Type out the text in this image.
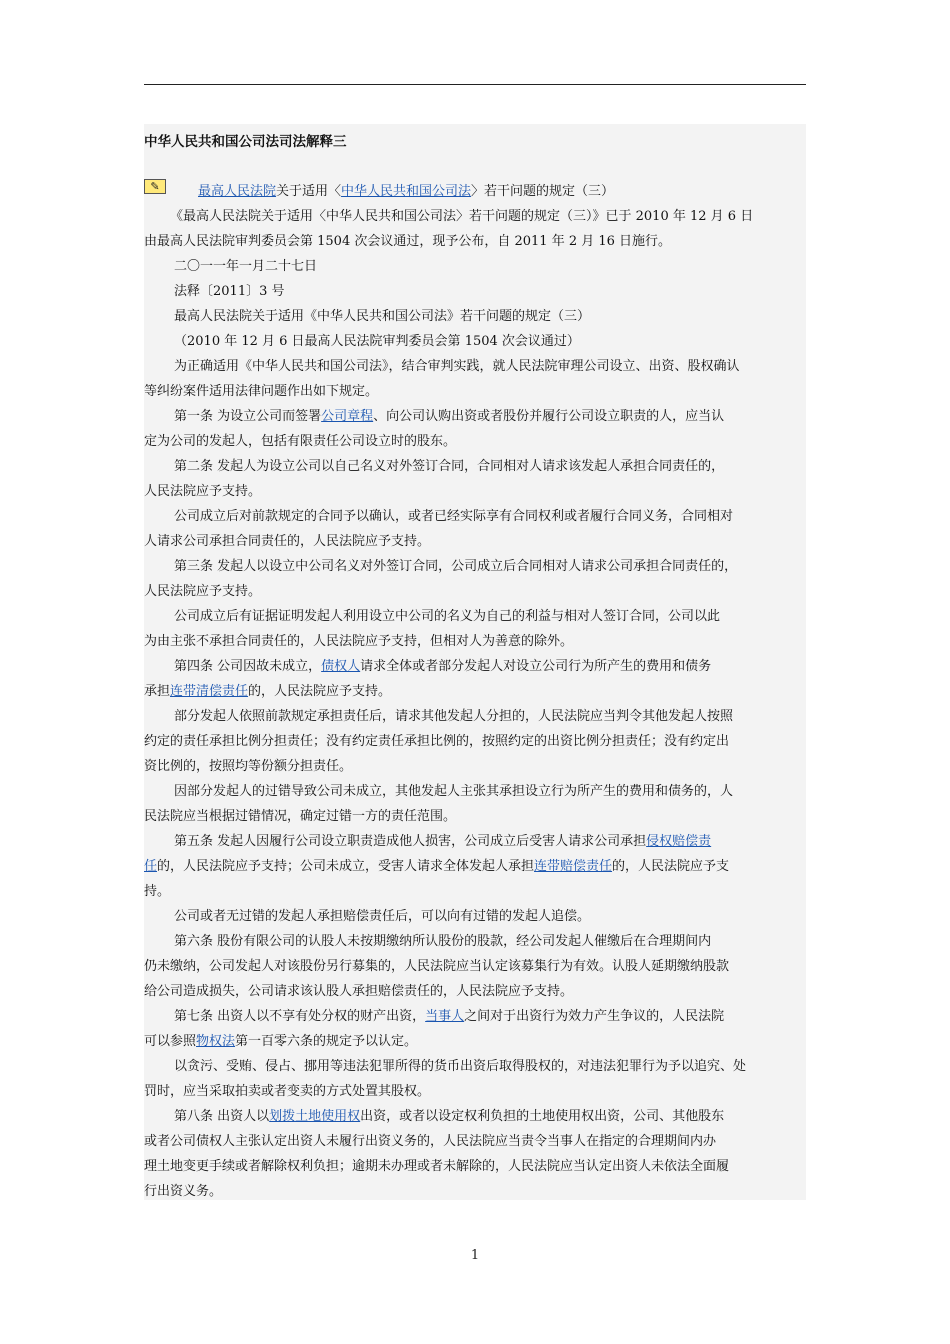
中华人民共和国公司法司法解释三
✎	最高人民法院关于适用〈中华人民共和国公司法〉若干问题的规定（三）
《最高人民法院关于适用〈中华人民共和国公司法〉若干问题的规定（三）》已于 2010 年 12 月 6 日
由最高人民法院审判委员会第 1504 次会议通过，现予公布，自 2011 年 2 月 16 日施行。
二〇一一年一月二十七日
法释〔2011〕3 号
最高人民法院关于适用《中华人民共和国公司法》若干问题的规定（三）
（2010 年 12 月 6 日最高人民法院审判委员会第 1504 次会议通过）
为正确适用《中华人民共和国公司法》，结合审判实践，就人民法院审理公司设立、出资、股权确认
等纠纷案件适用法律问题作出如下规定。
第一条 为设立公司而签署公司章程、向公司认购出资或者股份并履行公司设立职责的人，应当认
定为公司的发起人，包括有限责任公司设立时的股东。
第二条 发起人为设立公司以自己名义对外签订合同，合同相对人请求该发起人承担合同责任的，
人民法院应予支持。
公司成立后对前款规定的合同予以确认，或者已经实际享有合同权利或者履行合同义务，合同相对
人请求公司承担合同责任的，人民法院应予支持。
第三条 发起人以设立中公司名义对外签订合同，公司成立后合同相对人请求公司承担合同责任的，
人民法院应予支持。
公司成立后有证据证明发起人利用设立中公司的名义为自己的利益与相对人签订合同，公司以此
为由主张不承担合同责任的，人民法院应予支持，但相对人为善意的除外。
第四条 公司因故未成立，债权人请求全体或者部分发起人对设立公司行为所产生的费用和债务
承担连带清偿责任的，人民法院应予支持。
部分发起人依照前款规定承担责任后，请求其他发起人分担的，人民法院应当判令其他发起人按照
约定的责任承担比例分担责任；没有约定责任承担比例的，按照约定的出资比例分担责任；没有约定出
资比例的，按照均等份额分担责任。
因部分发起人的过错导致公司未成立，其他发起人主张其承担设立行为所产生的费用和债务的，人
民法院应当根据过错情况，确定过错一方的责任范围。
第五条 发起人因履行公司设立职责造成他人损害，公司成立后受害人请求公司承担侵权赔偿责
任的，人民法院应予支持；公司未成立，受害人请求全体发起人承担连带赔偿责任的，人民法院应予支
持。
公司或者无过错的发起人承担赔偿责任后，可以向有过错的发起人追偿。
第六条 股份有限公司的认股人未按期缴纳所认股份的股款，经公司发起人催缴后在合理期间内
仍未缴纳，公司发起人对该股份另行募集的，人民法院应当认定该募集行为有效。认股人延期缴纳股款
给公司造成损失，公司请求该认股人承担赔偿责任的，人民法院应予支持。
第七条 出资人以不享有处分权的财产出资，当事人之间对于出资行为效力产生争议的，人民法院
可以参照物权法第一百零六条的规定予以认定。
以贪污、受贿、侵占、挪用等违法犯罪所得的货币出资后取得股权的，对违法犯罪行为予以追究、处
罚时，应当采取拍卖或者变卖的方式处置其股权。
第八条 出资人以划拨土地使用权出资，或者以设定权利负担的土地使用权出资，公司、其他股东
或者公司债权人主张认定出资人未履行出资义务的，人民法院应当责令当事人在指定的合理期间内办
理土地变更手续或者解除权利负担；逾期未办理或者未解除的，人民法院应当认定出资人未依法全面履
行出资义务。
1
